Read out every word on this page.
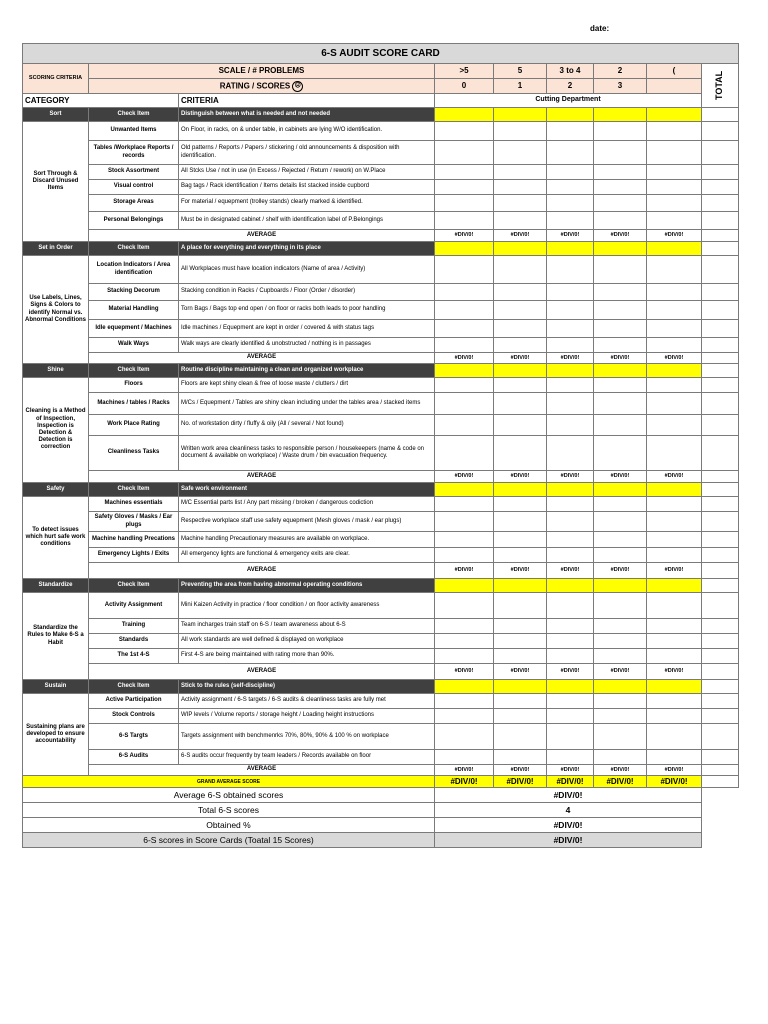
date:
6-S AUDIT SCORE CARD								
SCORING CRITERIA	SCALE / # PROBLEMS		>5	5	3 to 4	2	(	TOTAL
	RATING / SCORES ☹		0	1	2	3		
CATEGORY		CRITERIA	Cutting Department					
Sort	Check Item	Distinguish between what is needed and not needed						
Sort Through & Discard Unused Items	Unwanted Items	On Floor, in racks, on & under table, in cabinets are lying W/O identification.						
	Tables /Workplace Reports / records	Old patterns / Reports / Papers / stickering / old announcements & disposition with identification.						
	Stock Assortment	All Stcks Use / not in use (in Excess / Rejected / Return / rework) on W.Place						
	Visual control	Bag tags / Rack identification / Items details list stacked inside cupbord						
	Storage Areas	For material / equepment (trolley stands) clearly marked & identified.						
	Personal Belongings	Must be in designated cabinet / shelf with identification label of P.Belongings						
	AVERAGE		#DIV/0!	#DIV/0!	#DIV/0!	#DIV/0!	#DIV/0!	
Set in Order	Check Item	A place for everything and everything in its place						
Use Labels, Lines, Signs & Colors to identify Normal vs. Abnormal Conditions	Location Indicators / Area identification	All Workplaces must have location indicators (Name of area / Activity)						
	Stacking Decorum	Stacking condition in Racks / Cupboards / Floor (Order / disorder)						
	Material Handling	Torn Bags / Bags top end open / on floor or racks both leads to poor handling						
	Idle equepment / Machines	Idle machines / Equepment are kept in order / covered & with status tags						
	Walk Ways	Walk ways are clearly identified & unobstructed / nothing is in passages						
	AVERAGE		#DIV/0!	#DIV/0!	#DIV/0!	#DIV/0!	#DIV/0!	
Shine	Check Item	Routine discipline maintaining a clean and organized workplace						
Cleaning is a Method of Inspection, Inspection is Detection & Detection is correction	Floors	Floors are kept shiny clean & free of loose waste / clutters / dirt						
	Machines / tables / Racks	M/Cs / Equepment / Tables are shiny clean including under the tables area / stacked items						
	Work Place Rating	No. of workstation dirty / fluffy & oily (All / several / Not found)						
	Cleanliness Tasks	Written work area cleanliness tasks to responsible person / housekeepers (name & code on document & available on workplace) / Waste drum / bin evacuation frequency.						
	AVERAGE		#DIV/0!	#DIV/0!	#DIV/0!	#DIV/0!	#DIV/0!	
Safety	Check Item	Safe work environment						
To detect issues which hurt safe work conditions	Machines essentials	M/C Essential parts list / Any part missing / broken / dangerous codiction						
	Safety Gloves / Masks / Ear plugs	Respective workplace staff use safety equepment (Mesh gloves / mask / ear plugs)						
	Machine handling Precations	Machine handling Precautionary measures are available on workplace.						
	Emergency Lights / Exits	All emergency lights are functional & emergency exits are clear.						
	AVERAGE		#DIV/0!	#DIV/0!	#DIV/0!	#DIV/0!	#DIV/0!	
Standardize	Check Item	Preventing the area from having abnormal operating conditions						
Standardize the Rules to Make 6-S a Habit	Activity Assignment	Mini Kaizen Activity in practice / floor condition / on floor activity awareness						
	Training	Team incharges train staff on 6-S / team awareness about 6-S						
	Standards	All work standards are well defined & displayed on workplace						
	The 1st 4-S	First 4-S are being maintained with rating more than 90%.						
	AVERAGE		#DIV/0!	#DIV/0!	#DIV/0!	#DIV/0!	#DIV/0!	
Sustain	Check Item	Stick to the rules (self-discipline)						
Sustaining plans are developed to ensure accountability	Active Participation	Activity assignment / 6-S targets / 6-S audits & cleanliness tasks are fully met						
	Stock Controls	WIP levels / Volume reports / storage height / Loading height instructions						
	6-S Targts	Targets assignment with benchmenrks 70%, 80%, 90% & 100 % on workplace						
	6-S Audits	6-S audits occur frequently by team leaders / Records available on floor						
	AVERAGE		#DIV/0!	#DIV/0!	#DIV/0!	#DIV/0!	#DIV/0!	
GRAND AVERAGE SCORE			#DIV/0!	#DIV/0!	#DIV/0!	#DIV/0!	#DIV/0!	
Average 6-S obtained scores			#DIV/0!					
Total 6-S scores			4					
Obtained %			#DIV/0!					
6-S scores in Score Cards (Toatal 15 Scores)			#DIV/0!					
